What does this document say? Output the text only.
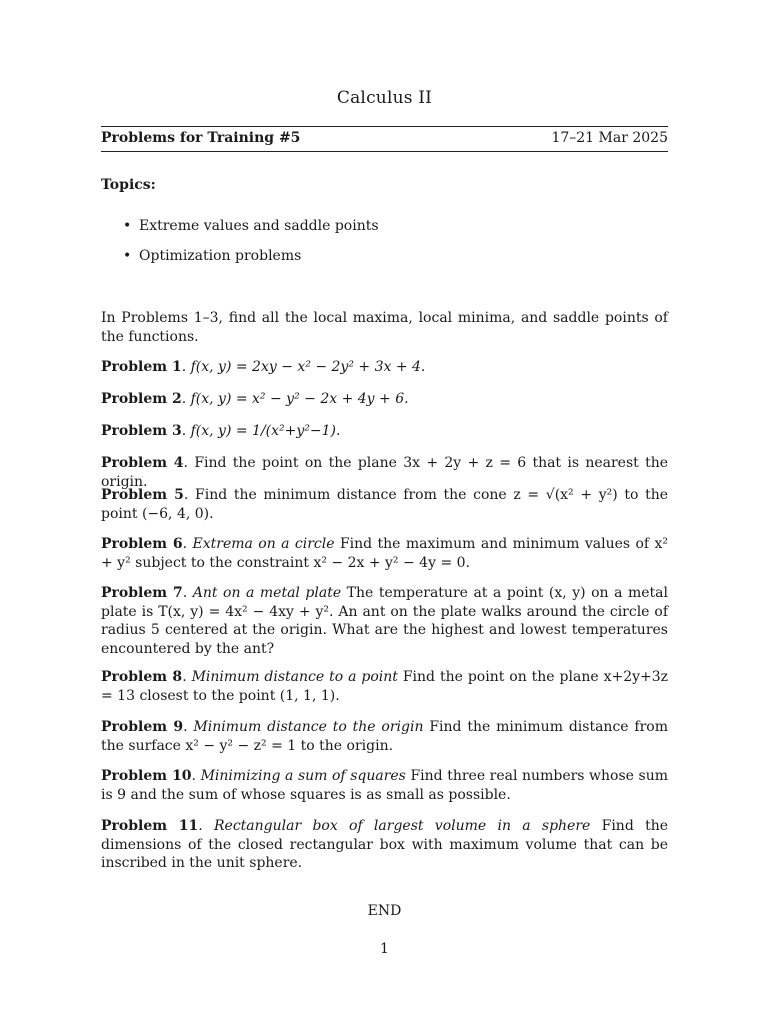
Calculus II
Problems for Training #5	17–21 Mar 2025
Topics:
• Extreme values and saddle points
• Optimization problems
In Problems 1–3, find all the local maxima, local minima, and saddle points of the functions.
Problem 1. f(x, y) = 2xy − x² − 2y² + 3x + 4.
Problem 2. f(x, y) = x² − y² − 2x + 4y + 6.
Problem 3. f(x, y) = 1/(x²+y²−1).
Problem 4. Find the point on the plane 3x + 2y + z = 6 that is nearest the origin.
Problem 5. Find the minimum distance from the cone z = √(x² + y²) to the point (−6, 4, 0).
Problem 6. Extrema on a circle Find the maximum and minimum values of x² + y² subject to the constraint x² − 2x + y² − 4y = 0.
Problem 7. Ant on a metal plate The temperature at a point (x, y) on a metal plate is T(x, y) = 4x² − 4xy + y². An ant on the plate walks around the circle of radius 5 centered at the origin. What are the highest and lowest temperatures encountered by the ant?
Problem 8. Minimum distance to a point Find the point on the plane x+2y+3z = 13 closest to the point (1, 1, 1).
Problem 9. Minimum distance to the origin Find the minimum distance from the surface x² − y² − z² = 1 to the origin.
Problem 10. Minimizing a sum of squares Find three real numbers whose sum is 9 and the sum of whose squares is as small as possible.
Problem 11. Rectangular box of largest volume in a sphere Find the dimensions of the closed rectangular box with maximum volume that can be inscribed in the unit sphere.
END
1
